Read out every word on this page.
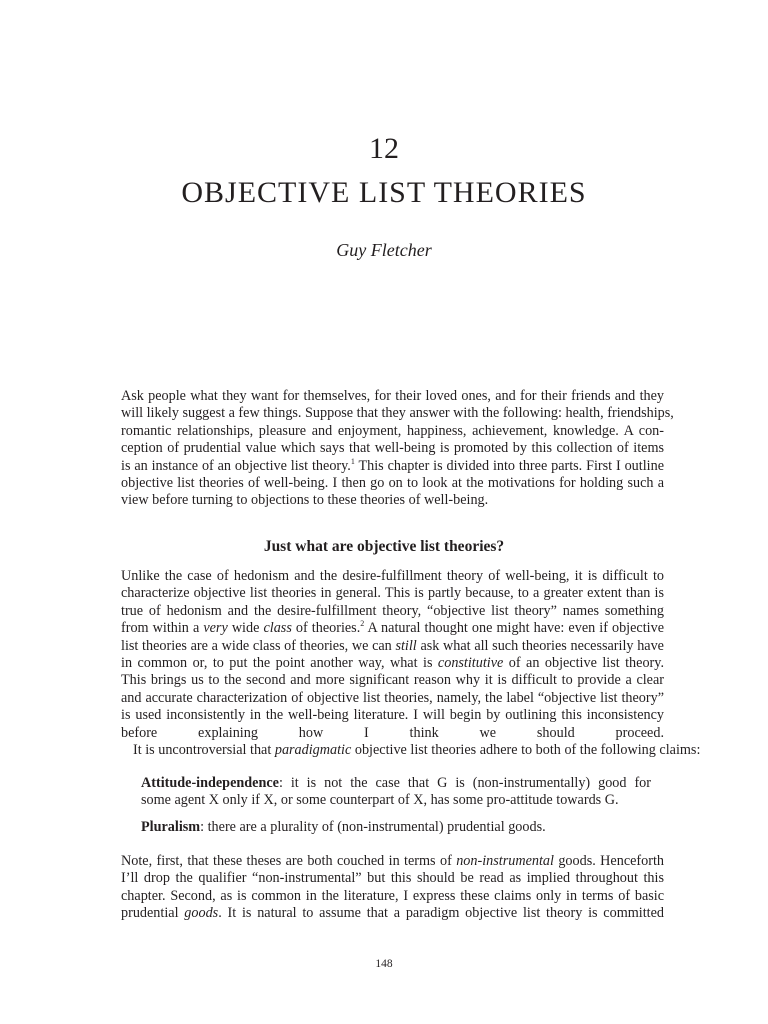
12
OBJECTIVE LIST THEORIES
Guy Fletcher
Ask people what they want for themselves, for their loved ones, and for their friends and they
will likely suggest a few things. Suppose that they answer with the following: health, friendships,
romantic relationships, pleasure and enjoyment, happiness, achievement, knowledge. A con-
ception of prudential value which says that well-being is promoted by this collection of items
is an instance of an objective list theory.$^1$ This chapter is divided into three parts. First I outline
objective list theories of well-being. I then go on to look at the motivations for holding such a
view before turning to objections to these theories of well-being.
Just what are objective list theories?
Unlike the case of hedonism and the desire-fulfillment theory of well-being, it is difficult to
characterize objective list theories in general. This is partly because, to a greater extent than is
true of hedonism and the desire-fulfillment theory, “objective list theory” names something
from within a very wide class of theories.$^2$ A natural thought one might have: even if objective
list theories are a wide class of theories, we can still ask what all such theories necessarily have
in common or, to put the point another way, what is constitutive of an objective list theory.
This brings us to the second and more significant reason why it is difficult to provide a clear
and accurate characterization of objective list theories, namely, the label “objective list theory”
is used inconsistently in the well-being literature. I will begin by outlining this inconsistency
before explaining how I think we should proceed.
It is uncontroversial that paradigmatic objective list theories adhere to both of the following claims:
Attitude-independence: it is not the case that G is (non-instrumentally) good for
some agent X only if X, or some counterpart of X, has some pro-attitude towards G.
Pluralism: there are a plurality of (non-instrumental) prudential goods.
Note, first, that these theses are both couched in terms of non-instrumental goods. Henceforth
I’ll drop the qualifier “non-instrumental” but this should be read as implied throughout this
chapter. Second, as is common in the literature, I express these claims only in terms of basic
prudential goods. It is natural to assume that a paradigm objective list theory is committed
148
